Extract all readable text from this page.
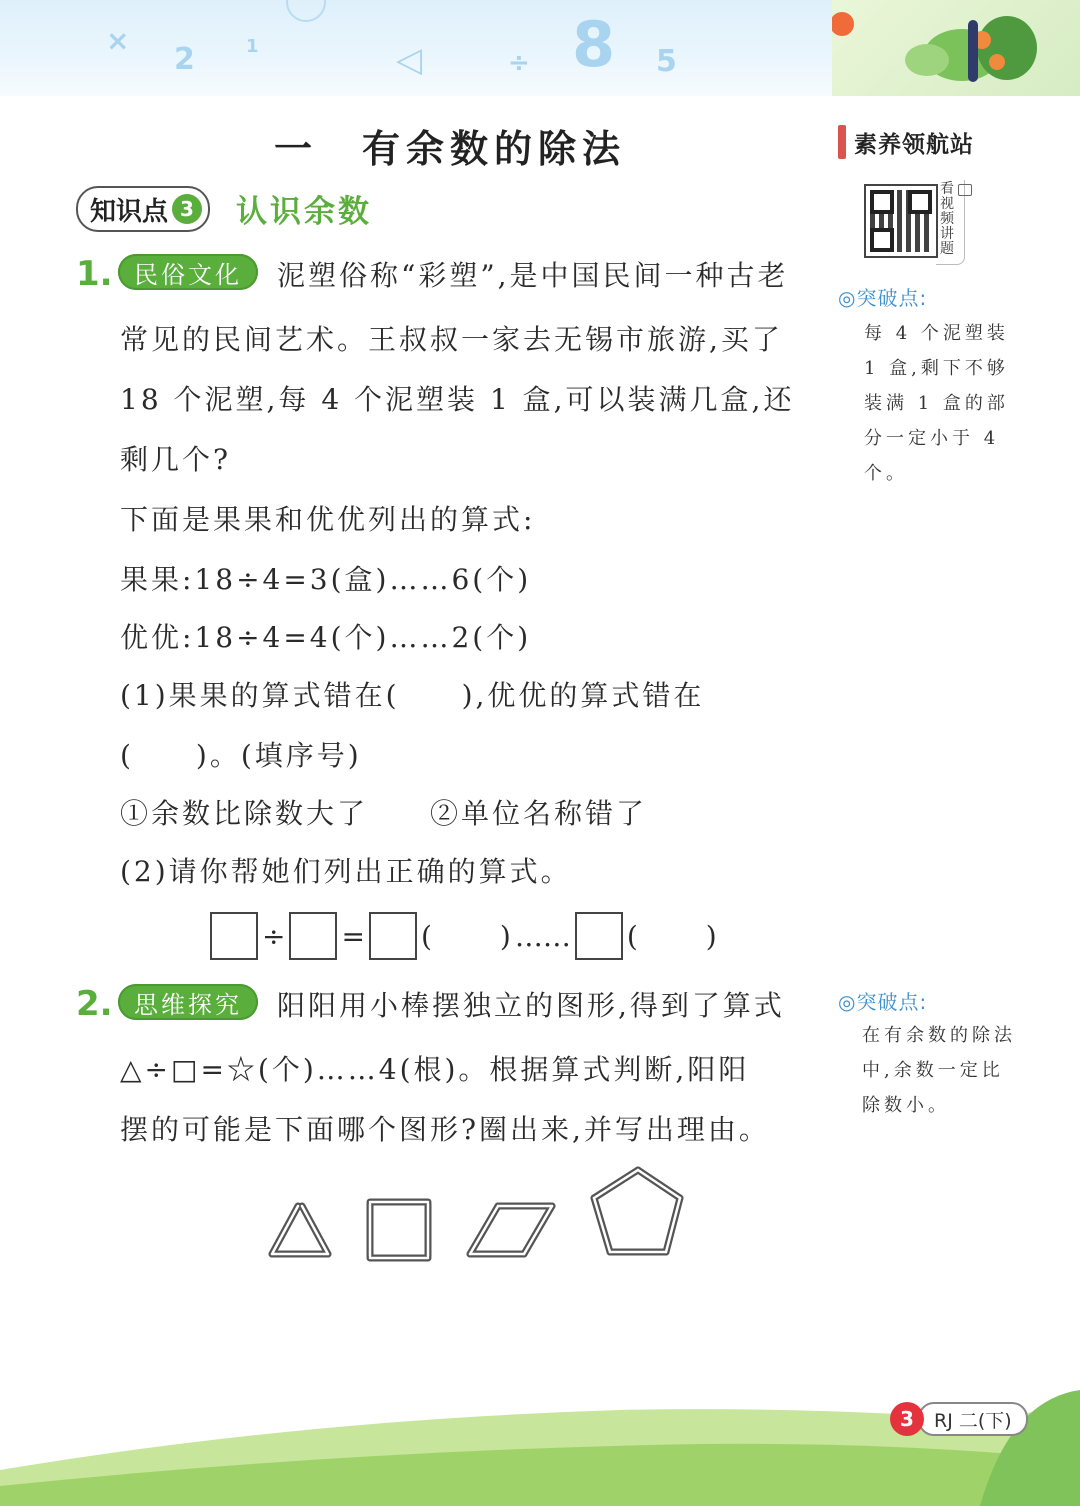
×
2	1	◁	÷ 8 5
一　有余数的除法	素养领航站
知识点 3 认识余数
看视频讲题
1. 民俗文化	泥塑俗称“彩塑”,是中国民间一种古老
常见的民间艺术。王叔叔一家去无锡市旅游,买了
18 个泥塑,每 4 个泥塑装 1 盒,可以装满几盒,还
剩几个?
下面是果果和优优列出的算式:
果果:18÷4=3(盒)……6(个)
优优:18÷4=4(个)……2(个)
(1)果果的算式错在(　　),优优的算式错在
(　　)。(填序号)
①余数比除数大了　　②单位名称错了
(2)请你帮她们列出正确的算式。
÷ = ( ) …… ( )
◎突破点:
每 4 个泥塑装 1 盒,剩下不够装满 1 盒的部分一定小于 4 个。
2. 思维探究	阳阳用小棒摆独立的图形,得到了算式
△÷□=☆(个)……4(根)。根据算式判断,阳阳
摆的可能是下面哪个图形?圈出来,并写出理由。
◎突破点:
在有余数的除法中,余数一定比除数小。
3	RJ 二(下)
